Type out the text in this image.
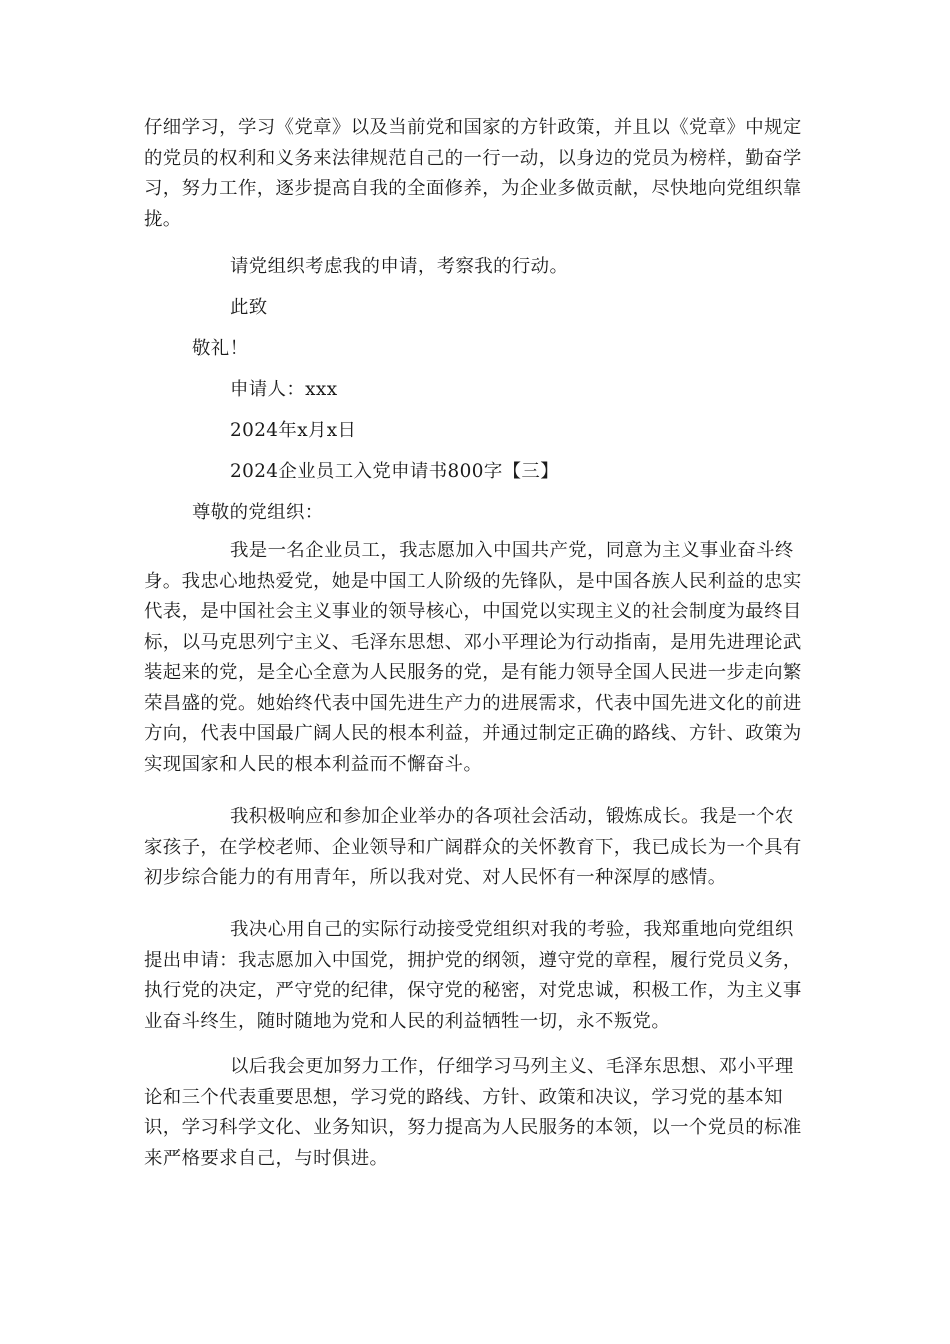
仔细学习，学习《党章》以及当前党和国家的方针政策，并且以《党章》中规定的党员的权利和义务来法律规范自己的一行一动，以身边的党员为榜样，勤奋学习，努力工作，逐步提高自我的全面修养，为企业多做贡献，尽快地向党组织靠拢。
请党组织考虑我的申请，考察我的行动。
此致
敬礼！
申请人：xxx
2024年x月x日
2024企业员工入党申请书800字【三】
尊敬的党组织：
我是一名企业员工，我志愿加入中国共产党，同意为主义事业奋斗终身。我忠心地热爱党，她是中国工人阶级的先锋队，是中国各族人民利益的忠实代表，是中国社会主义事业的领导核心，中国党以实现主义的社会制度为最终目标，以马克思列宁主义、毛泽东思想、邓小平理论为行动指南，是用先进理论武装起来的党，是全心全意为人民服务的党，是有能力领导全国人民进一步走向繁荣昌盛的党。她始终代表中国先进生产力的进展需求，代表中国先进文化的前进方向，代表中国最广阔人民的根本利益，并通过制定正确的路线、方针、政策为实现国家和人民的根本利益而不懈奋斗。
我积极响应和参加企业举办的各项社会活动，锻炼成长。我是一个农家孩子，在学校老师、企业领导和广阔群众的关怀教育下，我已成长为一个具有初步综合能力的有用青年，所以我对党、对人民怀有一种深厚的感情。
我决心用自己的实际行动接受党组织对我的考验，我郑重地向党组织提出申请：我志愿加入中国党，拥护党的纲领，遵守党的章程，履行党员义务，执行党的决定，严守党的纪律，保守党的秘密，对党忠诚，积极工作，为主义事业奋斗终生，随时随地为党和人民的利益牺牲一切，永不叛党。
以后我会更加努力工作，仔细学习马列主义、毛泽东思想、邓小平理论和三个代表重要思想，学习党的路线、方针、政策和决议，学习党的基本知识，学习科学文化、业务知识，努力提高为人民服务的本领，以一个党员的标准来严格要求自己，与时俱进。
